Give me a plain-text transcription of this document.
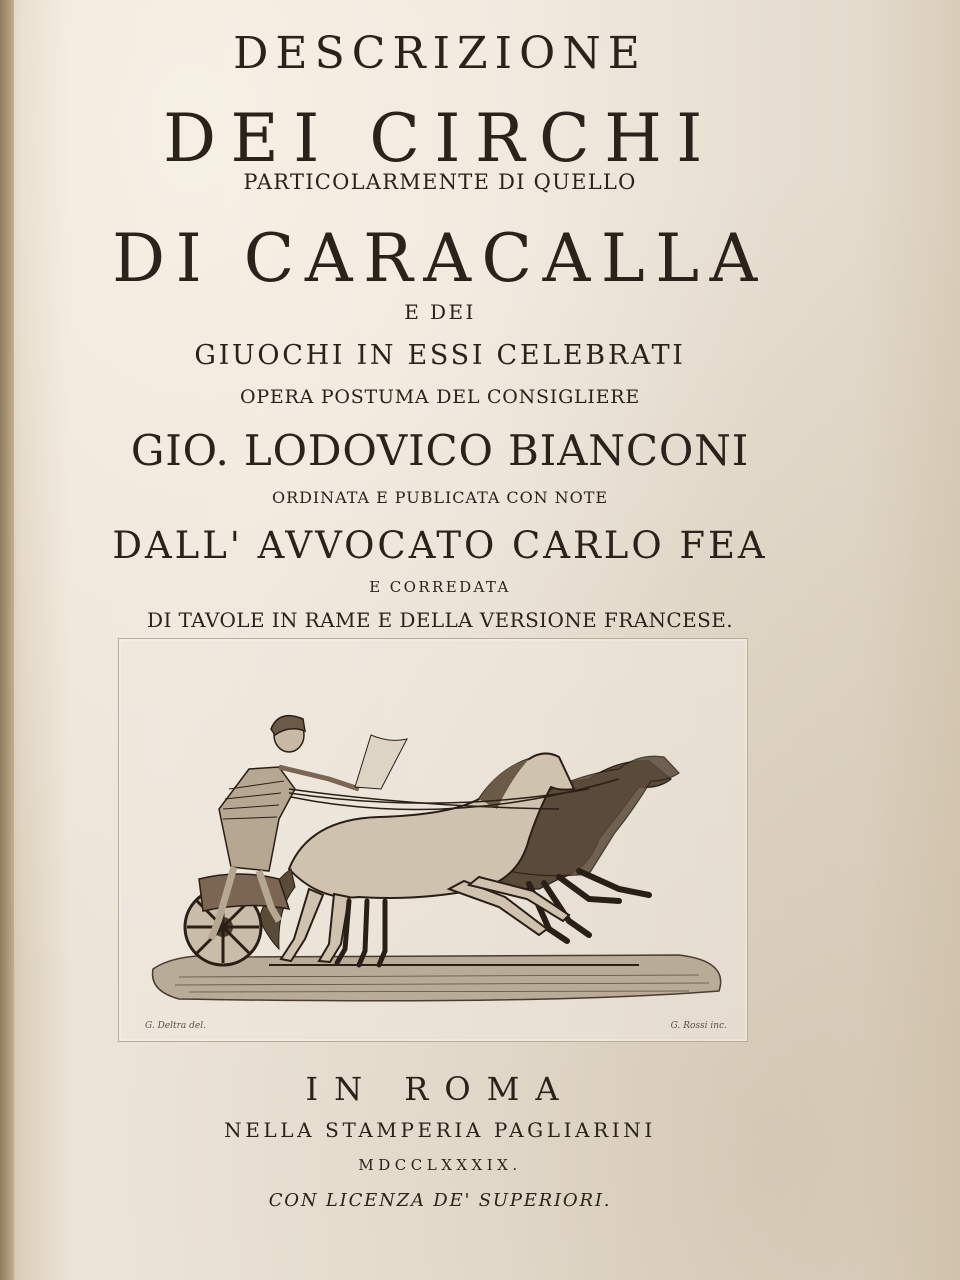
DESCRIZIONE
DEI CIRCHI
PARTICOLARMENTE DI QUELLO
DI CARACALLA
E DEI
GIUOCHI IN ESSI CELEBRATI
OPERA POSTUMA DEL CONSIGLIERE
GIO. LODOVICO BIANCONI
ORDINATA E PUBLICATA CON NOTE
DALL' AVVOCATO CARLO FEA
E CORREDATA
DI TAVOLE IN RAME E DELLA VERSIONE FRANCESE.
G. Deltra del.	G. Rossi inc.
IN ROMA
NELLA STAMPERIA PAGLIARINI
MDCCLXXXIX.
CON LICENZA DE' SUPERIORI.
